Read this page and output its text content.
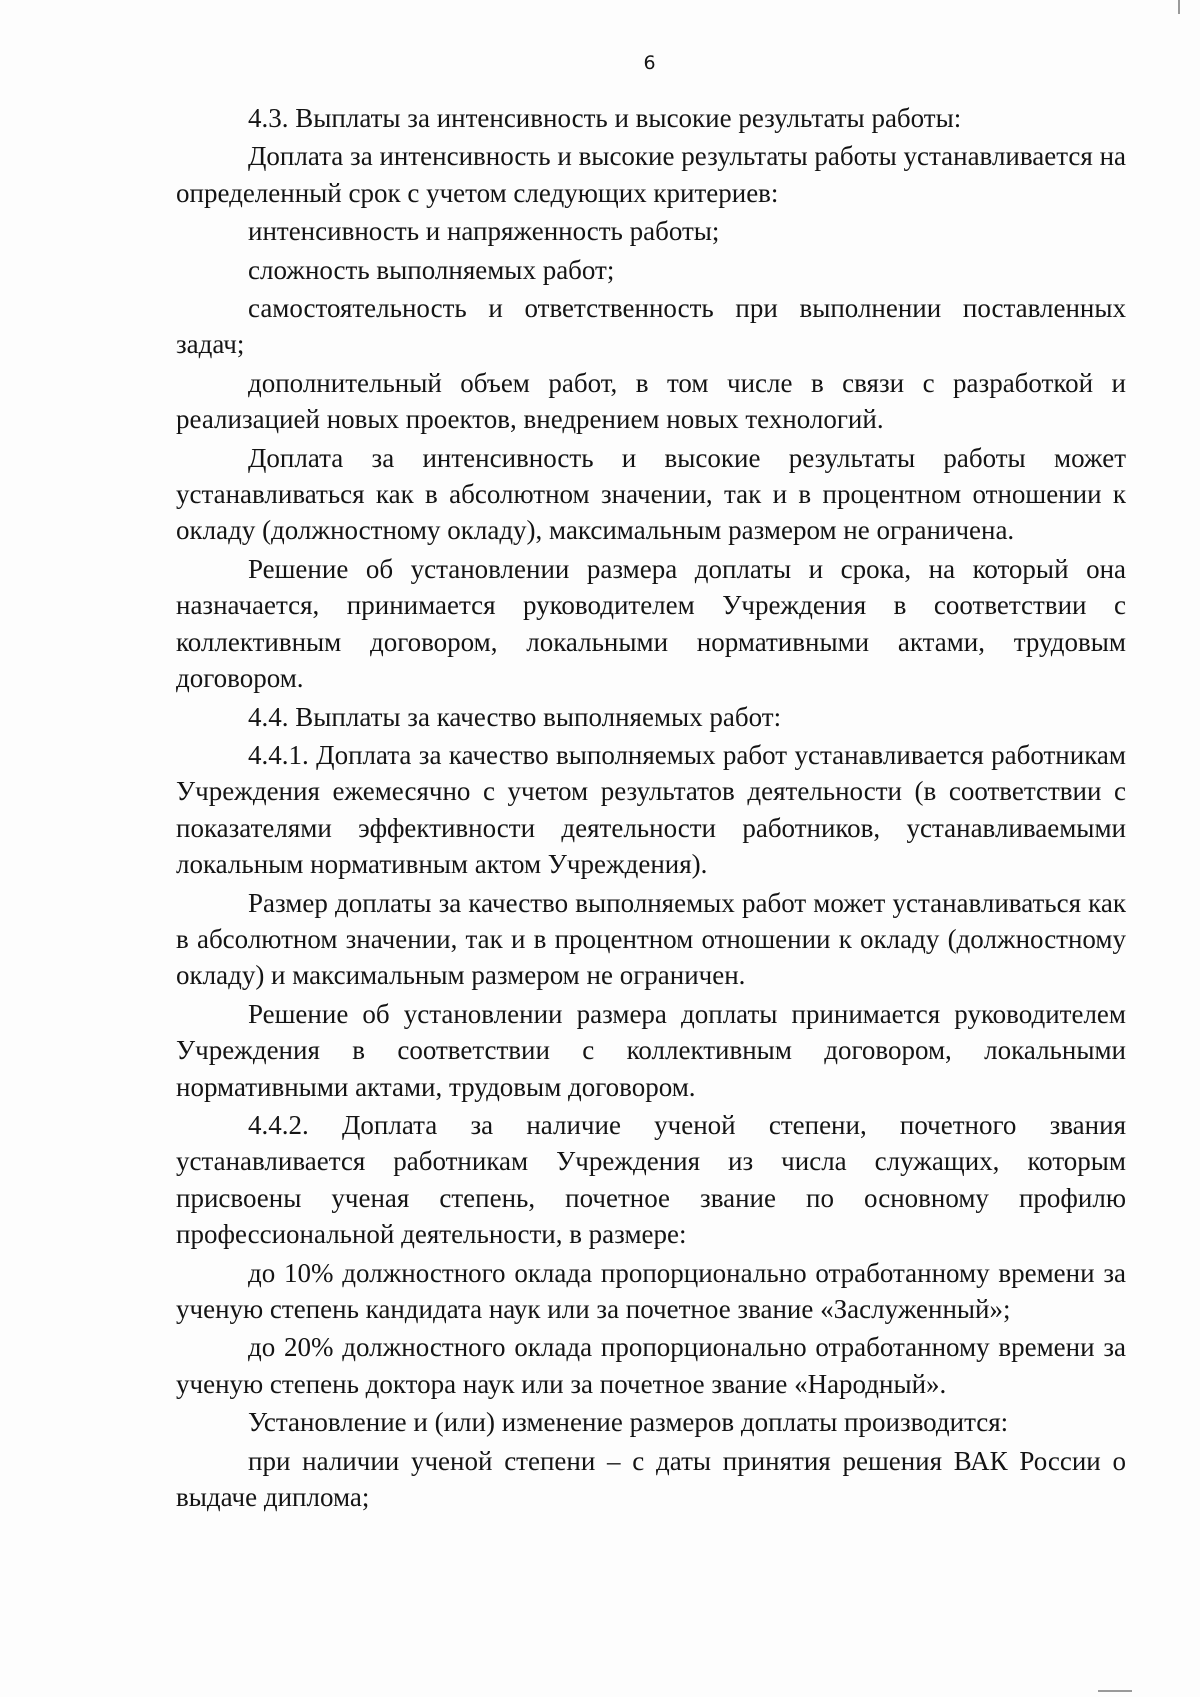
6

4.3. Выплаты за интенсивность и высокие результаты работы:

Доплата за интенсивность и высокие результаты работы устанавливается на определенный срок с учетом следующих критериев:

интенсивность и напряженность работы;

сложность выполняемых работ;

самостоятельность и ответственность при выполнении поставленных задач;

дополнительный объем работ, в том числе в связи с разработкой и реализацией новых проектов, внедрением новых технологий.

Доплата за интенсивность и высокие результаты работы может устанавливаться как в абсолютном значении, так и в процентном отношении к окладу (должностному окладу), максимальным размером не ограничена.

Решение об установлении размера доплаты и срока, на который она назначается, принимается руководителем Учреждения в соответствии с коллективным договором, локальными нормативными актами, трудовым договором.

4.4. Выплаты за качество выполняемых работ:

4.4.1. Доплата за качество выполняемых работ устанавливается работникам Учреждения ежемесячно с учетом результатов деятельности (в соответствии с показателями эффективности деятельности работников, устанавливаемыми локальным нормативным актом Учреждения).

Размер доплаты за качество выполняемых работ может устанавливаться как в абсолютном значении, так и в процентном отношении к окладу (должностному окладу) и максимальным размером не ограничен.

Решение об установлении размера доплаты принимается руководителем Учреждения в соответствии с коллективным договором, локальными нормативными актами, трудовым договором.

4.4.2. Доплата за наличие ученой степени, почетного звания устанавливается работникам Учреждения из числа служащих, которым присвоены ученая степень, почетное звание по основному профилю профессиональной деятельности, в размере:

до 10% должностного оклада пропорционально отработанному времени за ученую степень кандидата наук или за почетное звание «Заслуженный»;

до 20% должностного оклада пропорционально отработанному времени за ученую степень доктора наук или за почетное звание «Народный».

Установление и (или) изменение размеров доплаты производится:

при наличии ученой степени – с даты принятия решения ВАК России о выдаче диплома;
